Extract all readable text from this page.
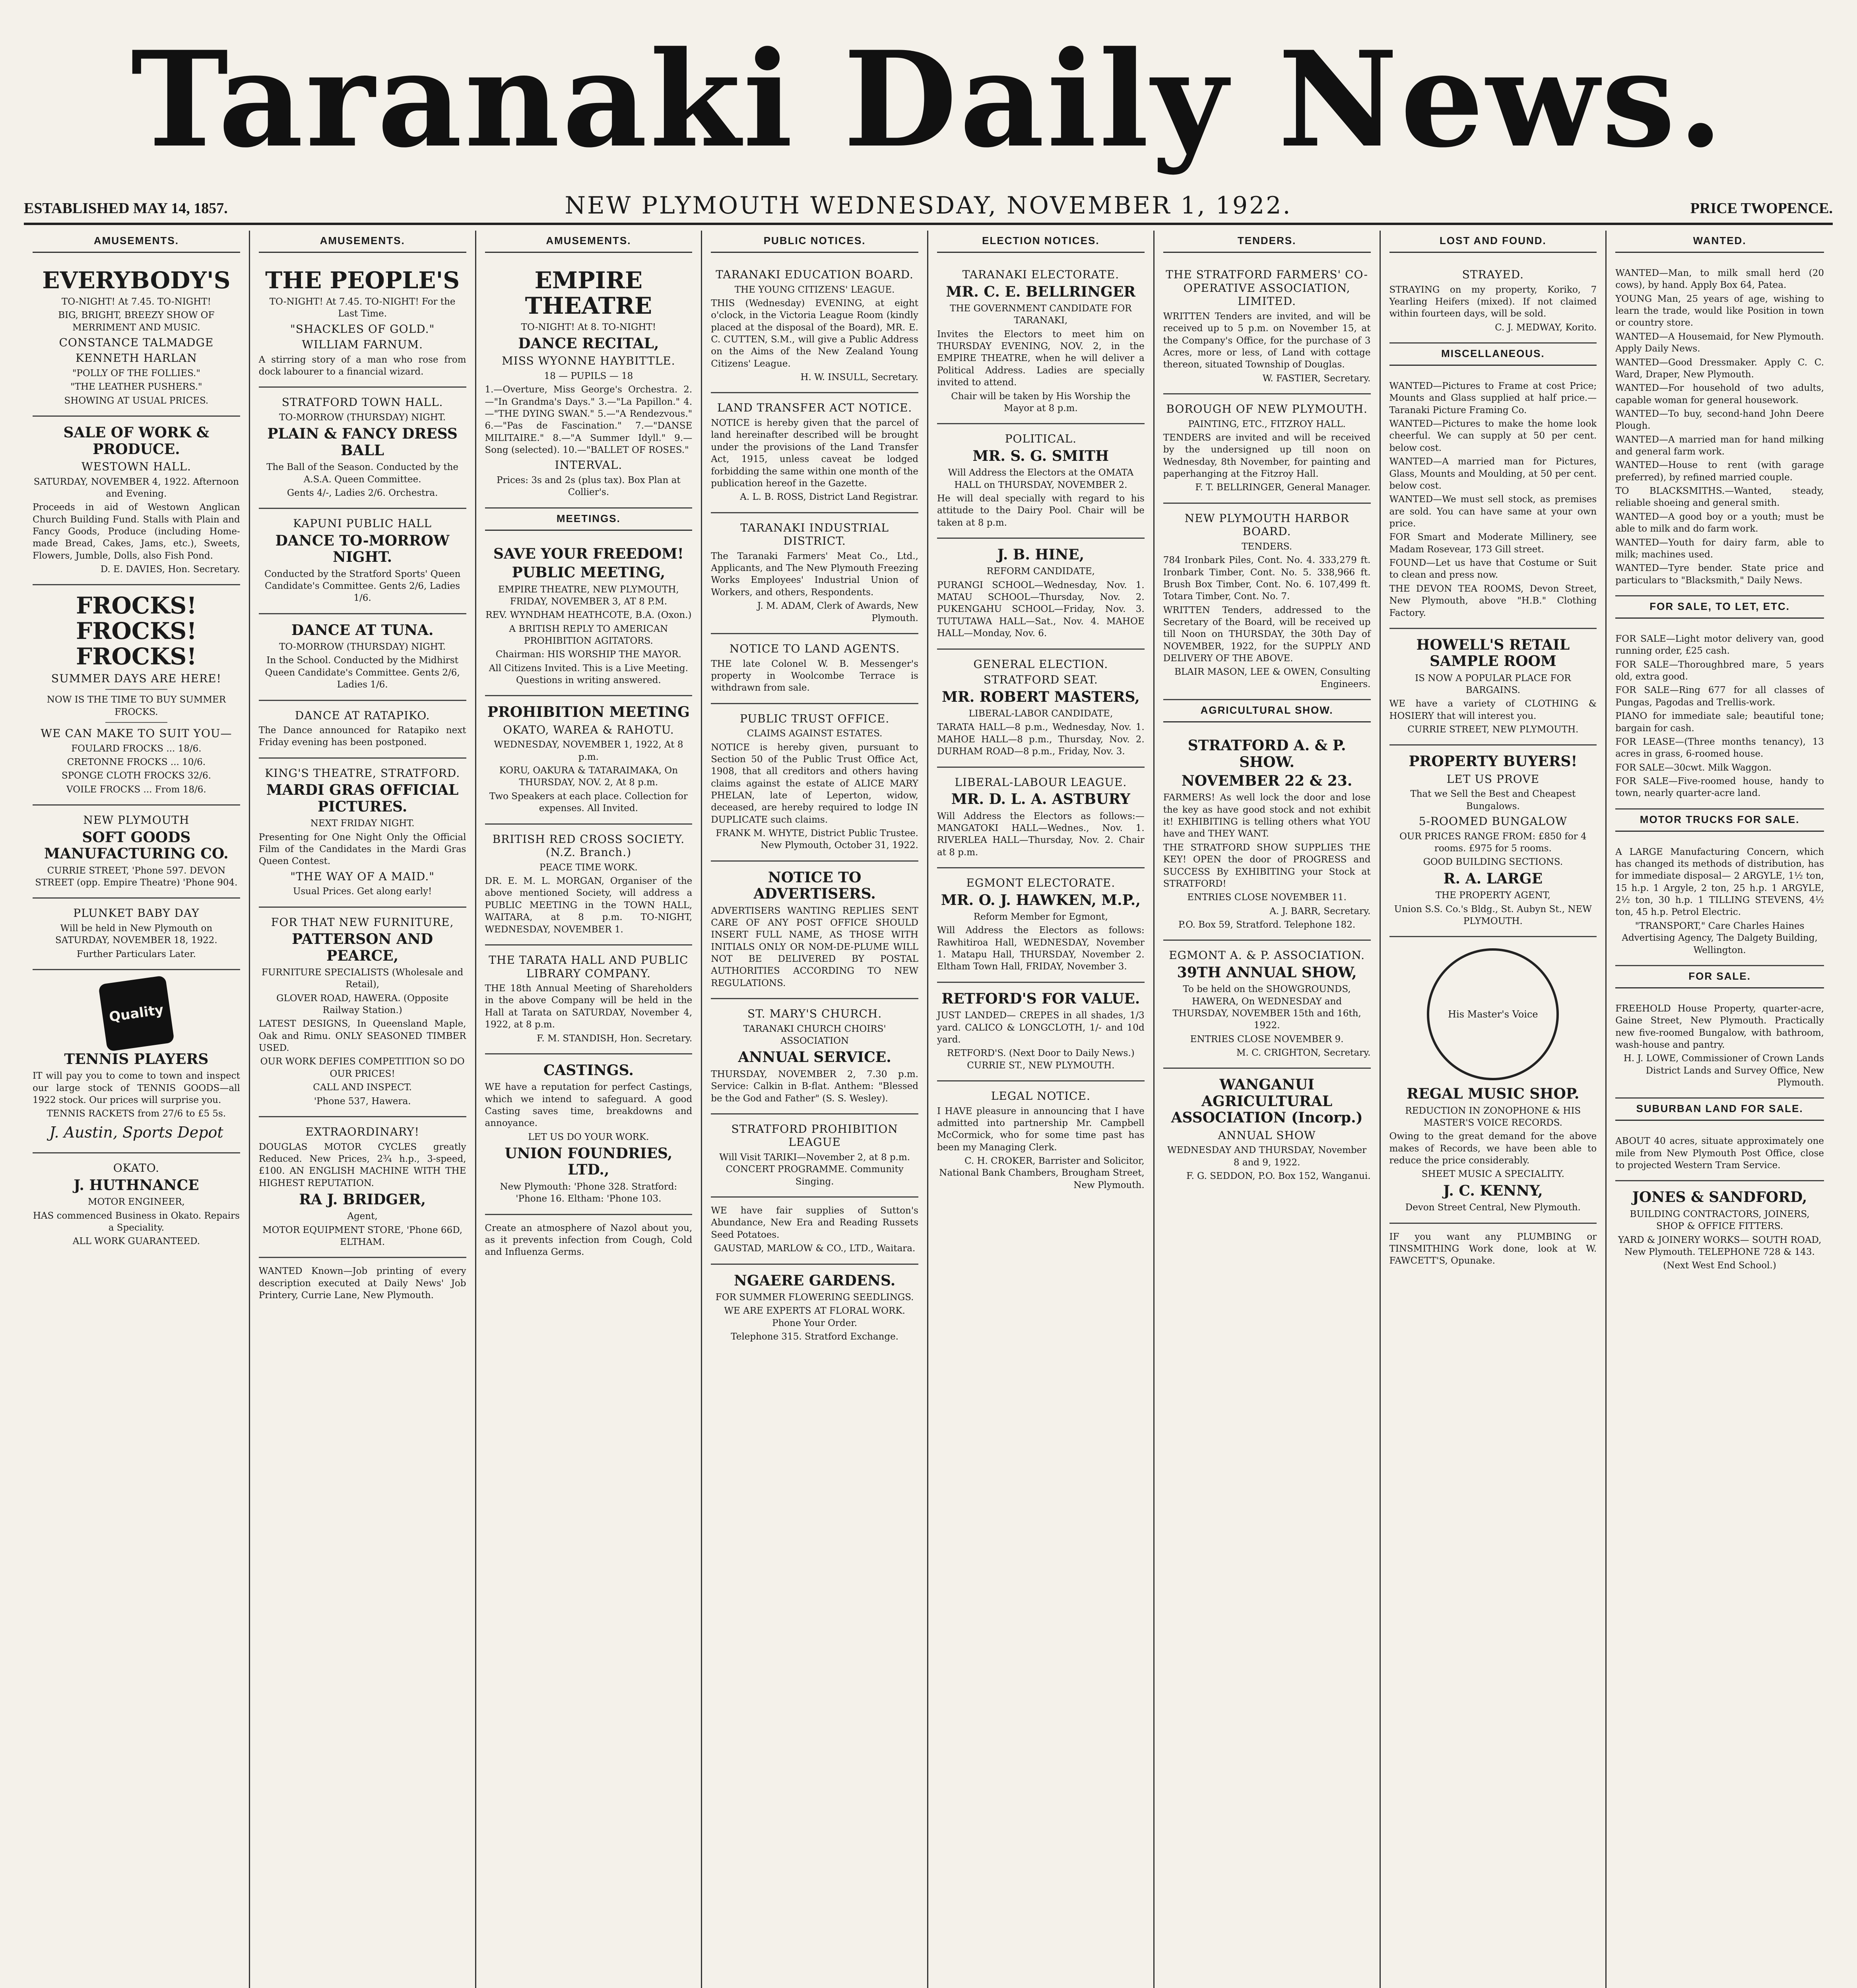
Taranaki Daily News.
ESTABLISHED MAY 14, 1857.	NEW PLYMOUTH WEDNESDAY, NOVEMBER 1, 1922.	PRICE TWOPENCE.
AMUSEMENTS.
EVERYBODY'S
TO-NIGHT! At 7.45. TO-NIGHT!
BIG, BRIGHT, BREEZY SHOW OF MERRIMENT AND MUSIC.
CONSTANCE TALMADGE
KENNETH HARLAN
"POLLY OF THE FOLLIES."
"THE LEATHER PUSHERS."
SHOWING AT USUAL PRICES.
SALE OF WORK & PRODUCE.
WESTOWN HALL.
SATURDAY, NOVEMBER 4, 1922. Afternoon and Evening.
Proceeds in aid of Westown Anglican Church Building Fund. Stalls with Plain and Fancy Goods, Produce (including Home-made Bread, Cakes, Jams, etc.), Sweets, Flowers, Jumble, Dolls, also Fish Pond.
D. E. DAVIES, Hon. Secretary.
FROCKS! FROCKS! FROCKS!
SUMMER DAYS ARE HERE!
NOW IS THE TIME TO BUY SUMMER FROCKS.
WE CAN MAKE TO SUIT YOU—
FOULARD FROCKS ... 18/6.
CRETONNE FROCKS ... 10/6.
SPONGE CLOTH FROCKS 32/6.
VOILE FROCKS ... From 18/6.
NEW PLYMOUTH
SOFT GOODS MANUFACTURING CO.
CURRIE STREET, 'Phone 597. DEVON STREET (opp. Empire Theatre) 'Phone 904.
PLUNKET BABY DAY
Will be held in New Plymouth on SATURDAY, NOVEMBER 18, 1922.
Further Particulars Later.
Quality
TENNIS PLAYERS
IT will pay you to come to town and inspect our large stock of TENNIS GOODS—all 1922 stock. Our prices will surprise you.
TENNIS RACKETS from 27/6 to £5 5s.
J. Austin, Sports Depot
OKATO.
J. HUTHNANCE
MOTOR ENGINEER,
HAS commenced Business in Okato. Repairs a Speciality.
ALL WORK GUARANTEED.
AMUSEMENTS.
THE PEOPLE'S
TO-NIGHT! At 7.45. TO-NIGHT! For the Last Time.
"SHACKLES OF GOLD."
WILLIAM FARNUM.
A stirring story of a man who rose from dock labourer to a financial wizard.
STRATFORD TOWN HALL.
TO-MORROW (THURSDAY) NIGHT.
PLAIN & FANCY DRESS BALL
The Ball of the Season. Conducted by the A.S.A. Queen Committee.
Gents 4/-, Ladies 2/6. Orchestra.
KAPUNI PUBLIC HALL
DANCE TO-MORROW NIGHT.
Conducted by the Stratford Sports' Queen Candidate's Committee. Gents 2/6, Ladies 1/6.
DANCE AT TUNA.
TO-MORROW (THURSDAY) NIGHT.
In the School. Conducted by the Midhirst Queen Candidate's Committee. Gents 2/6, Ladies 1/6.
DANCE AT RATAPIKO.
The Dance announced for Ratapiko next Friday evening has been postponed.
KING'S THEATRE, STRATFORD.
MARDI GRAS OFFICIAL PICTURES.
NEXT FRIDAY NIGHT.
Presenting for One Night Only the Official Film of the Candidates in the Mardi Gras Queen Contest.
"THE WAY OF A MAID."
Usual Prices. Get along early!
FOR THAT NEW FURNITURE,
PATTERSON AND PEARCE,
FURNITURE SPECIALISTS (Wholesale and Retail),
GLOVER ROAD, HAWERA. (Opposite Railway Station.)
LATEST DESIGNS, In Queensland Maple, Oak and Rimu. ONLY SEASONED TIMBER USED.
OUR WORK DEFIES COMPETITION SO DO OUR PRICES!
CALL AND INSPECT.
'Phone 537, Hawera.
EXTRAORDINARY!
DOUGLAS MOTOR CYCLES greatly Reduced. New Prices, 2¾ h.p., 3-speed, £100. AN ENGLISH MACHINE WITH THE HIGHEST REPUTATION.
RA J. BRIDGER,
Agent,
MOTOR EQUIPMENT STORE, 'Phone 66D, ELTHAM.
WANTED Known—Job printing of every description executed at Daily News' Job Printery, Currie Lane, New Plymouth.
AMUSEMENTS.
EMPIRE THEATRE
TO-NIGHT! At 8. TO-NIGHT!
DANCE RECITAL,
MISS WYONNE HAYBITTLE.
18 — PUPILS — 18
1.—Overture, Miss George's Orchestra. 2.—"In Grandma's Days." 3.—"La Papillon." 4.—"THE DYING SWAN." 5.—"A Rendezvous." 6.—"Pas de Fascination." 7.—"DANSE MILITAIRE." 8.—"A Summer Idyll." 9.—Song (selected). 10.—"BALLET OF ROSES."
INTERVAL.
Prices: 3s and 2s (plus tax). Box Plan at Collier's.
MEETINGS.
SAVE YOUR FREEDOM!
PUBLIC MEETING,
EMPIRE THEATRE, NEW PLYMOUTH, FRIDAY, NOVEMBER 3, AT 8 P.M.
REV. WYNDHAM HEATHCOTE, B.A. (Oxon.)
A BRITISH REPLY TO AMERICAN PROHIBITION AGITATORS.
Chairman: HIS WORSHIP THE MAYOR.
All Citizens Invited. This is a Live Meeting. Questions in writing answered.
PROHIBITION MEETING
OKATO, WAREA & RAHOTU.
WEDNESDAY, NOVEMBER 1, 1922, At 8 p.m.
KORU, OAKURA & TATARAIMAKA, On THURSDAY, NOV. 2, At 8 p.m.
Two Speakers at each place. Collection for expenses. All Invited.
BRITISH RED CROSS SOCIETY. (N.Z. Branch.)
PEACE TIME WORK.
DR. E. M. L. MORGAN, Organiser of the above mentioned Society, will address a PUBLIC MEETING in the TOWN HALL, WAITARA, at 8 p.m. TO-NIGHT, WEDNESDAY, NOVEMBER 1.
THE TARATA HALL AND PUBLIC LIBRARY COMPANY.
THE 18th Annual Meeting of Shareholders in the above Company will be held in the Hall at Tarata on SATURDAY, November 4, 1922, at 8 p.m.
F. M. STANDISH, Hon. Secretary.
CASTINGS.
WE have a reputation for perfect Castings, which we intend to safeguard. A good Casting saves time, breakdowns and annoyance.
LET US DO YOUR WORK.
UNION FOUNDRIES, LTD.,
New Plymouth: 'Phone 328. Stratford: 'Phone 16. Eltham: 'Phone 103.
Create an atmosphere of Nazol about you, as it prevents infection from Cough, Cold and Influenza Germs.
PUBLIC NOTICES.
TARANAKI EDUCATION BOARD.
THE YOUNG CITIZENS' LEAGUE.
THIS (Wednesday) EVENING, at eight o'clock, in the Victoria League Room (kindly placed at the disposal of the Board), MR. E. C. CUTTEN, S.M., will give a Public Address on the Aims of the New Zealand Young Citizens' League.
H. W. INSULL, Secretary.
LAND TRANSFER ACT NOTICE.
NOTICE is hereby given that the parcel of land hereinafter described will be brought under the provisions of the Land Transfer Act, 1915, unless caveat be lodged forbidding the same within one month of the publication hereof in the Gazette.
A. L. B. ROSS, District Land Registrar.
TARANAKI INDUSTRIAL DISTRICT.
The Taranaki Farmers' Meat Co., Ltd., Applicants, and The New Plymouth Freezing Works Employees' Industrial Union of Workers, and others, Respondents.
J. M. ADAM, Clerk of Awards, New Plymouth.
NOTICE TO LAND AGENTS.
THE late Colonel W. B. Messenger's property in Woolcombe Terrace is withdrawn from sale.
PUBLIC TRUST OFFICE.
CLAIMS AGAINST ESTATES.
NOTICE is hereby given, pursuant to Section 50 of the Public Trust Office Act, 1908, that all creditors and others having claims against the estate of ALICE MARY PHELAN, late of Leperton, widow, deceased, are hereby required to lodge IN DUPLICATE such claims.
FRANK M. WHYTE, District Public Trustee. New Plymouth, October 31, 1922.
NOTICE TO ADVERTISERS.
ADVERTISERS WANTING REPLIES SENT CARE OF ANY POST OFFICE SHOULD INSERT FULL NAME, AS THOSE WITH INITIALS ONLY OR NOM-DE-PLUME WILL NOT BE DELIVERED BY POSTAL AUTHORITIES ACCORDING TO NEW REGULATIONS.
ST. MARY'S CHURCH.
TARANAKI CHURCH CHOIRS' ASSOCIATION
ANNUAL SERVICE.
THURSDAY, NOVEMBER 2, 7.30 p.m. Service: Calkin in B-flat. Anthem: "Blessed be the God and Father" (S. S. Wesley).
STRATFORD PROHIBITION LEAGUE
Will Visit TARIKI—November 2, at 8 p.m. CONCERT PROGRAMME. Community Singing.
WE have fair supplies of Sutton's Abundance, New Era and Reading Russets Seed Potatoes.
GAUSTAD, MARLOW & CO., LTD., Waitara.
NGAERE GARDENS.
FOR SUMMER FLOWERING SEEDLINGS.
WE ARE EXPERTS AT FLORAL WORK. Phone Your Order.
Telephone 315. Stratford Exchange.
ELECTION NOTICES.
TARANAKI ELECTORATE.
MR. C. E. BELLRINGER
THE GOVERNMENT CANDIDATE FOR TARANAKI,
Invites the Electors to meet him on THURSDAY EVENING, NOV. 2, in the EMPIRE THEATRE, when he will deliver a Political Address. Ladies are specially invited to attend.
Chair will be taken by His Worship the Mayor at 8 p.m.
POLITICAL.
MR. S. G. SMITH
Will Address the Electors at the OMATA HALL on THURSDAY, NOVEMBER 2.
He will deal specially with regard to his attitude to the Dairy Pool. Chair will be taken at 8 p.m.
J. B. HINE,
REFORM CANDIDATE,
PURANGI SCHOOL—Wednesday, Nov. 1. MATAU SCHOOL—Thursday, Nov. 2. PUKENGAHU SCHOOL—Friday, Nov. 3. TUTUTAWA HALL—Sat., Nov. 4. MAHOE HALL—Monday, Nov. 6.
GENERAL ELECTION.
STRATFORD SEAT.
MR. ROBERT MASTERS,
LIBERAL-LABOR CANDIDATE,
TARATA HALL—8 p.m., Wednesday, Nov. 1. MAHOE HALL—8 p.m., Thursday, Nov. 2. DURHAM ROAD—8 p.m., Friday, Nov. 3.
LIBERAL-LABOUR LEAGUE.
MR. D. L. A. ASTBURY
Will Address the Electors as follows:— MANGATOKI HALL—Wednes., Nov. 1. RIVERLEA HALL—Thursday, Nov. 2. Chair at 8 p.m.
EGMONT ELECTORATE.
MR. O. J. HAWKEN, M.P.,
Reform Member for Egmont,
Will Address the Electors as follows: Rawhitiroa Hall, WEDNESDAY, November 1. Matapu Hall, THURSDAY, November 2. Eltham Town Hall, FRIDAY, November 3.
RETFORD'S FOR VALUE.
JUST LANDED— CREPES in all shades, 1/3 yard. CALICO & LONGCLOTH, 1/- and 10d yard.
RETFORD'S. (Next Door to Daily News.) CURRIE ST., NEW PLYMOUTH.
LEGAL NOTICE.
I HAVE pleasure in announcing that I have admitted into partnership Mr. Campbell McCormick, who for some time past has been my Managing Clerk.
C. H. CROKER, Barrister and Solicitor, National Bank Chambers, Brougham Street, New Plymouth.
TENDERS.
THE STRATFORD FARMERS' CO-OPERATIVE ASSOCIATION, LIMITED.
WRITTEN Tenders are invited, and will be received up to 5 p.m. on November 15, at the Company's Office, for the purchase of 3 Acres, more or less, of Land with cottage thereon, situated Township of Douglas.
W. FASTIER, Secretary.
BOROUGH OF NEW PLYMOUTH.
PAINTING, ETC., FITZROY HALL.
TENDERS are invited and will be received by the undersigned up till noon on Wednesday, 8th November, for painting and paperhanging at the Fitzroy Hall.
F. T. BELLRINGER, General Manager.
NEW PLYMOUTH HARBOR BOARD.
TENDERS.
784 Ironbark Piles, Cont. No. 4. 333,279 ft. Ironbark Timber, Cont. No. 5. 338,966 ft. Brush Box Timber, Cont. No. 6. 107,499 ft. Totara Timber, Cont. No. 7.
WRITTEN Tenders, addressed to the Secretary of the Board, will be received up till Noon on THURSDAY, the 30th Day of NOVEMBER, 1922, for the SUPPLY AND DELIVERY OF THE ABOVE.
BLAIR MASON, LEE & OWEN, Consulting Engineers.
AGRICULTURAL SHOW.
STRATFORD A. & P. SHOW.
NOVEMBER 22 & 23.
FARMERS! As well lock the door and lose the key as have good stock and not exhibit it! EXHIBITING is telling others what YOU have and THEY WANT.
THE STRATFORD SHOW SUPPLIES THE KEY! OPEN the door of PROGRESS and SUCCESS By EXHIBITING your Stock at STRATFORD!
ENTRIES CLOSE NOVEMBER 11.
A. J. BARR, Secretary.
P.O. Box 59, Stratford. Telephone 182.
EGMONT A. & P. ASSOCIATION.
39TH ANNUAL SHOW,
To be held on the SHOWGROUNDS, HAWERA, On WEDNESDAY and THURSDAY, NOVEMBER 15th and 16th, 1922.
ENTRIES CLOSE NOVEMBER 9.
M. C. CRIGHTON, Secretary.
WANGANUI AGRICULTURAL ASSOCIATION (Incorp.)
ANNUAL SHOW
WEDNESDAY AND THURSDAY, November 8 and 9, 1922.
F. G. SEDDON, P.O. Box 152, Wanganui.
LOST AND FOUND.
STRAYED.
STRAYING on my property, Koriko, 7 Yearling Heifers (mixed). If not claimed within fourteen days, will be sold.
C. J. MEDWAY, Korito.
MISCELLANEOUS.
WANTED—Pictures to Frame at cost Price; Mounts and Glass supplied at half price.—Taranaki Picture Framing Co.
WANTED—Pictures to make the home look cheerful. We can supply at 50 per cent. below cost.
WANTED—A married man for Pictures, Glass, Mounts and Moulding, at 50 per cent. below cost.
WANTED—We must sell stock, as premises are sold. You can have same at your own price.
FOR Smart and Moderate Millinery, see Madam Rosevear, 173 Gill street.
FOUND—Let us have that Costume or Suit to clean and press now.
THE DEVON TEA ROOMS, Devon Street, New Plymouth, above "H.B." Clothing Factory.
HOWELL'S RETAIL SAMPLE ROOM
IS NOW A POPULAR PLACE FOR BARGAINS.
WE have a variety of CLOTHING & HOSIERY that will interest you.
CURRIE STREET, NEW PLYMOUTH.
PROPERTY BUYERS!
LET US PROVE
That we Sell the Best and Cheapest Bungalows.
5-ROOMED BUNGALOW
OUR PRICES RANGE FROM: £850 for 4 rooms. £975 for 5 rooms.
GOOD BUILDING SECTIONS.
R. A. LARGE
THE PROPERTY AGENT,
Union S.S. Co.'s Bldg., St. Aubyn St., NEW PLYMOUTH.
His Master's Voice
REGAL MUSIC SHOP.
REDUCTION IN ZONOPHONE & HIS MASTER'S VOICE RECORDS.
Owing to the great demand for the above makes of Records, we have been able to reduce the price considerably.
SHEET MUSIC A SPECIALITY.
J. C. KENNY,
Devon Street Central, New Plymouth.
IF you want any PLUMBING or TINSMITHING Work done, look at W. FAWCETT'S, Opunake.
WANTED.
WANTED—Man, to milk small herd (20 cows), by hand. Apply Box 64, Patea.
YOUNG Man, 25 years of age, wishing to learn the trade, would like Position in town or country store.
WANTED—A Housemaid, for New Plymouth. Apply Daily News.
WANTED—Good Dressmaker. Apply C. C. Ward, Draper, New Plymouth.
WANTED—For household of two adults, capable woman for general housework.
WANTED—To buy, second-hand John Deere Plough.
WANTED—A married man for hand milking and general farm work.
WANTED—House to rent (with garage preferred), by refined married couple.
TO BLACKSMITHS.—Wanted, steady, reliable shoeing and general smith.
WANTED—A good boy or a youth; must be able to milk and do farm work.
WANTED—Youth for dairy farm, able to milk; machines used.
WANTED—Tyre bender. State price and particulars to "Blacksmith," Daily News.
FOR SALE, TO LET, ETC.
FOR SALE—Light motor delivery van, good running order, £25 cash.
FOR SALE—Thoroughbred mare, 5 years old, extra good.
FOR SALE—Ring 677 for all classes of Pungas, Pagodas and Trellis-work.
PIANO for immediate sale; beautiful tone; bargain for cash.
FOR LEASE—(Three months tenancy), 13 acres in grass, 6-roomed house.
FOR SALE—30cwt. Milk Waggon.
FOR SALE—Five-roomed house, handy to town, nearly quarter-acre land.
MOTOR TRUCKS FOR SALE.
A LARGE Manufacturing Concern, which has changed its methods of distribution, has for immediate disposal— 2 ARGYLE, 1½ ton, 15 h.p. 1 Argyle, 2 ton, 25 h.p. 1 ARGYLE, 2½ ton, 30 h.p. 1 TILLING STEVENS, 4½ ton, 45 h.p. Petrol Electric.
"TRANSPORT," Care Charles Haines Advertising Agency, The Dalgety Building, Wellington.
FOR SALE.
FREEHOLD House Property, quarter-acre, Gaine Street, New Plymouth. Practically new five-roomed Bungalow, with bathroom, wash-house and pantry.
H. J. LOWE, Commissioner of Crown Lands District Lands and Survey Office, New Plymouth.
SUBURBAN LAND FOR SALE.
ABOUT 40 acres, situate approximately one mile from New Plymouth Post Office, close to projected Western Tram Service.
JONES & SANDFORD,
BUILDING CONTRACTORS, JOINERS, SHOP & OFFICE FITTERS.
YARD & JOINERY WORKS— SOUTH ROAD, New Plymouth. TELEPHONE 728 & 143.
(Next West End School.)
